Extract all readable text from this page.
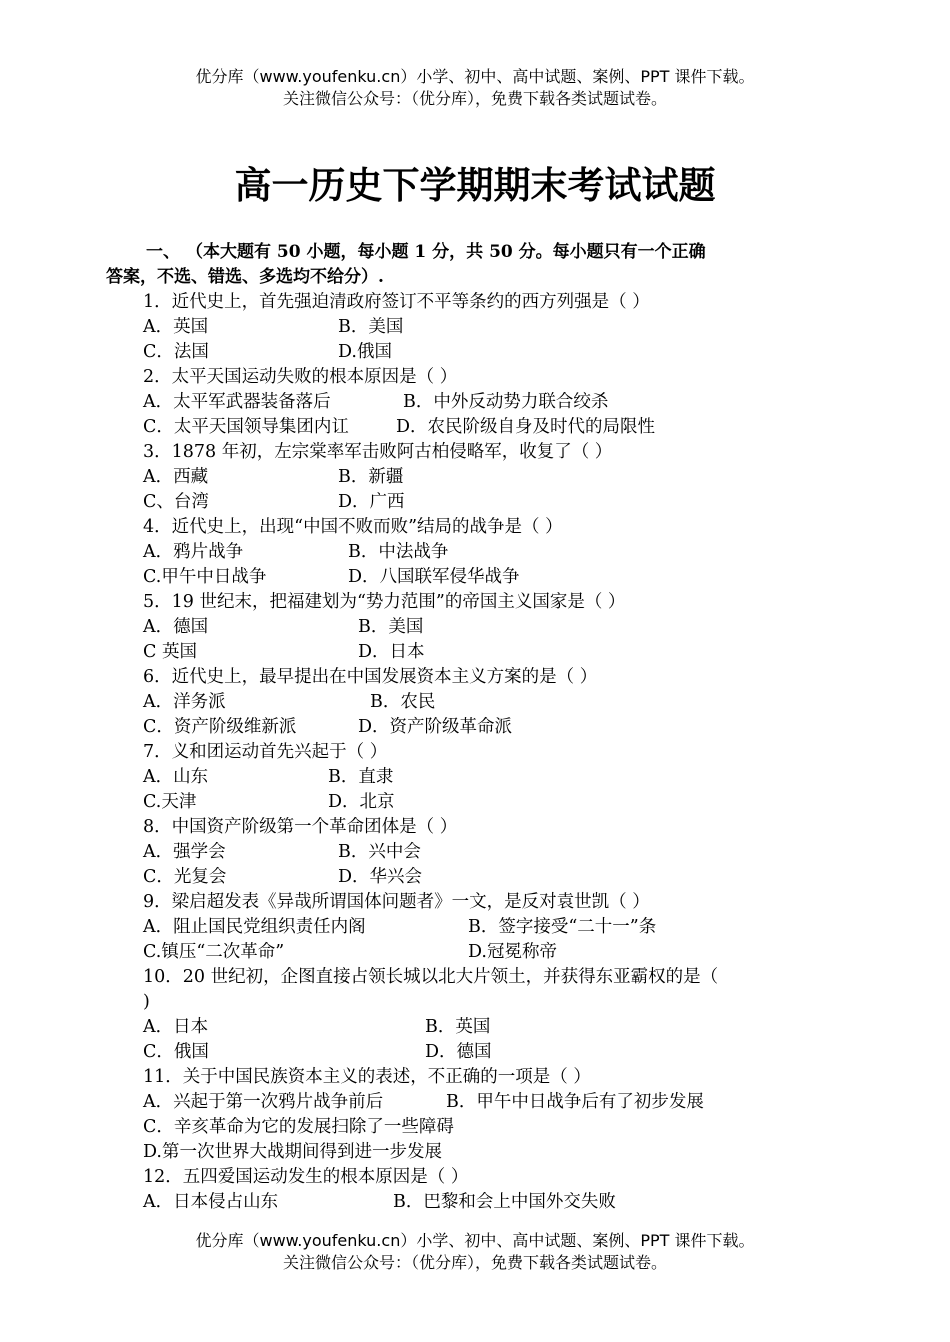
优分库（www.youfenku.cn）小学、初中、高中试题、案例、PPT 课件下载。
关注微信公众号：（优分库），免费下载各类试题试卷。
高一历史下学期期末考试试题
一、 （本大题有 50 小题，每小题 1 分，共 50 分。每小题只有一个正确
答案，不选、错选、多选均不给分）.
1．近代史上，首先强迫清政府签订不平等条约的西方列强是（ ）
A．英国	B．美国
C．法国	D.俄国
2．太平天国运动失败的根本原因是（ ）
A．太平军武器装备落后	B．中外反动势力联合绞杀
C．太平天国领导集团内讧	D．农民阶级自身及时代的局限性
3．1878 年初，左宗棠率军击败阿古柏侵略军，收复了（ ）
A．西藏	B．新疆
C、台湾	D．广西
4．近代史上，出现“中国不败而败”结局的战争是（ ）
A．鸦片战争	B．中法战争
C.甲午中日战争	D．八国联军侵华战争
5．19 世纪末，把福建划为“势力范围”的帝国主义国家是（ ）
A．德国	B．美国
C 英国	D．日本
6．近代史上，最早提出在中国发展资本主义方案的是（ ）
A．洋务派	B．农民
C．资产阶级维新派	D．资产阶级革命派
7．义和团运动首先兴起于（ ）
A．山东	B．直隶
C.天津	D．北京
8．中国资产阶级第一个革命团体是（ ）
A．强学会	B．兴中会
C．光复会	D．华兴会
9．梁启超发表《异哉所谓国体问题者》一文，是反对袁世凯（ ）
A．阻止国民党组织责任内阁	B．签字接受“二十一”条
C.镇压“二次革命”	D.冠冕称帝
10．20 世纪初，企图直接占领长城以北大片领土，并获得东亚霸权的是（
)
A．日本	B．英国
C．俄国	D．德国
11．关于中国民族资本主义的表述，不正确的一项是（ ）
A．兴起于第一次鸦片战争前后	B．甲午中日战争后有了初步发展
C．辛亥革命为它的发展扫除了一些障碍
D.第一次世界大战期间得到进一步发展
12．五四爱国运动发生的根本原因是（ ）
A．日本侵占山东	B．巴黎和会上中国外交失败
优分库（www.youfenku.cn）小学、初中、高中试题、案例、PPT 课件下载。
关注微信公众号：（优分库），免费下载各类试题试卷。
